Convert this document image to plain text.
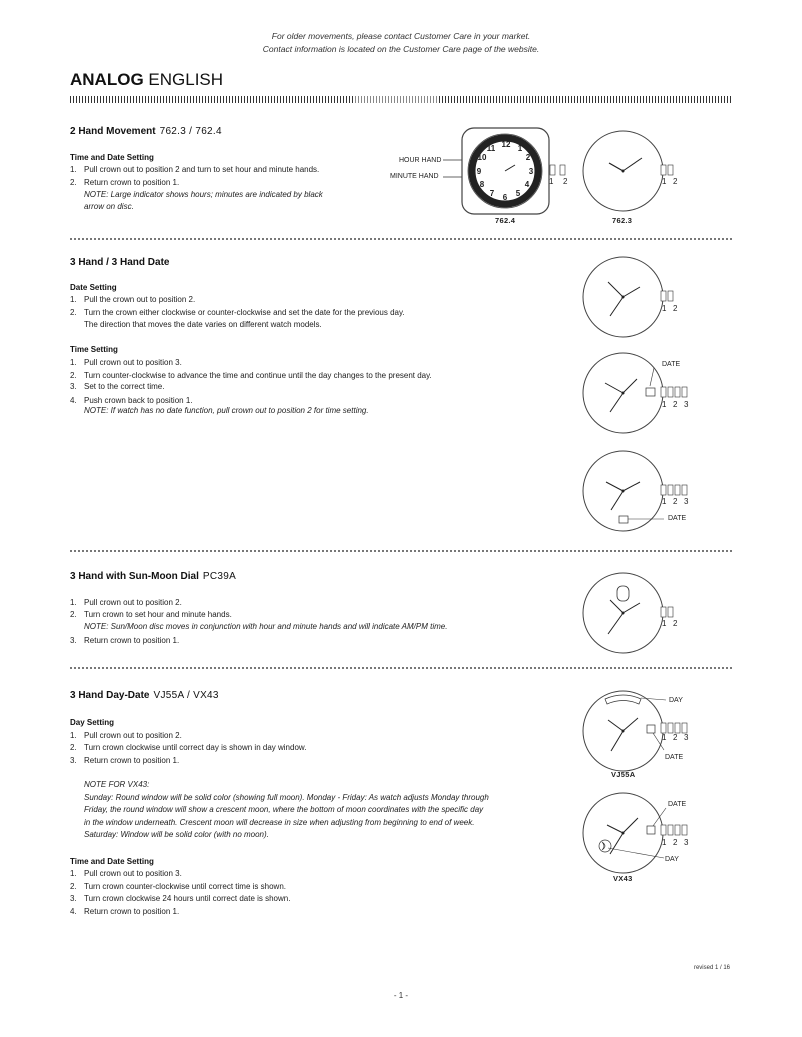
For older movements, please contact Customer Care in your market.
Contact information is located on the Customer Care page of the website.
ANALOG ENGLISH
2 Hand Movement 762.3 / 762.4
Time and Date Setting
1. Pull crown out to position 2 and turn to set hour and minute hands.
2. Return crown to position 1.
NOTE: Large indicator shows hours; minutes are indicated by black
arrow on disc.
HOUR HAND
MINUTE HAND
762.4	762.3
12 1
2
3
4
5
6
7
8
9
10
11
1 2	1 2
3 Hand / 3 Hand Date
Date Setting
1. Pull the crown out to position 2.
2. Turn the crown either clockwise or counter-clockwise and set the date for the previous day.
The direction that moves the date varies on different watch models.
Time Setting
1. Pull crown out to position 3.
2. Turn counter-clockwise to advance the time and continue until the day changes to the present day.
3. Set to the correct time.
4. Push crown back to position 1.
NOTE: If watch has no date function, pull crown out to position 2 for time setting.
1 2
DATE
1 2 3
1 2 3
DATE
3 Hand with Sun-Moon Dial PC39A
1. Pull crown out to position 2.
2. Turn crown to set hour and minute hands.
NOTE: Sun/Moon disc moves in conjunction with hour and minute hands and will indicate AM/PM time.
3. Return crown to position 1.
1 2
3 Hand Day-Date VJ55A / VX43
Day Setting
1. Pull crown out to position 2.
2. Turn crown clockwise until correct day is shown in day window.
3. Return crown to position 1.
NOTE FOR VX43:
Sunday: Round window will be solid color (showing full moon). Monday - Friday: As watch adjusts Monday through
Friday, the round window will show a crescent moon, where the bottom of moon coordinates with the specific day
in the window underneath. Crescent moon will decrease in size when adjusting from beginning to end of week.
Saturday: Window will be solid color (with no moon).
Time and Date Setting
1. Pull crown out to position 3.
2. Turn crown counter-clockwise until correct time is shown.
3. Turn crown clockwise 24 hours until correct date is shown.
4. Return crown to position 1.
DAY
1 2 3
DATE
VJ55A
DATE
1 2 3
DAY
VX43
revised 1 / 16
- 1 -
